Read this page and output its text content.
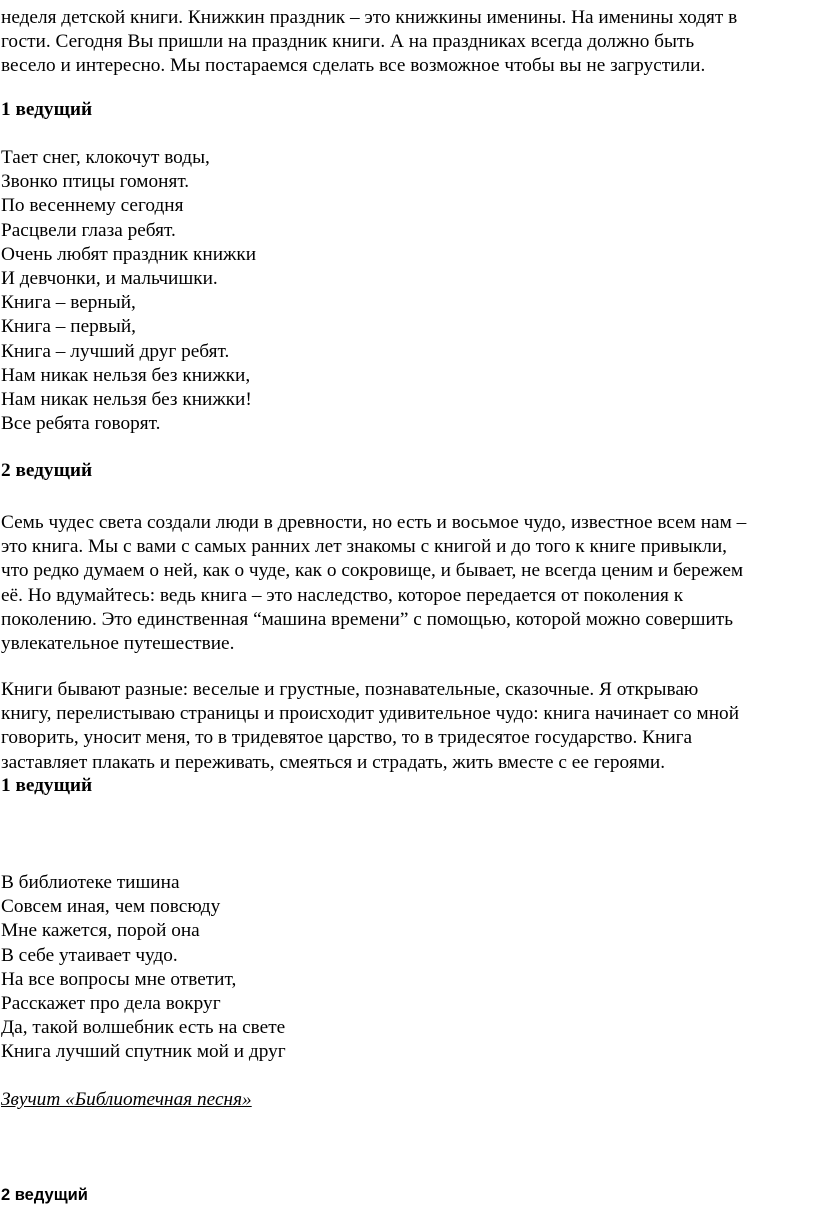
неделя детской книги. Книжкин праздник – это книжкины именины. На именины ходят в
гости. Сегодня Вы пришли на праздник книги. А на праздниках всегда должно быть
весело и интересно. Мы постараемся сделать все возможное чтобы вы не загрустили.
1 ведущий
Тает снег, клокочут воды,
Звонко птицы гомонят.
По весеннему сегодня
Расцвели глаза ребят.
Очень любят праздник книжки
И девчонки, и мальчишки.
Книга – верный,
Книга – первый,
Книга – лучший друг ребят.
Нам никак нельзя без книжки,
Нам никак нельзя без книжки!
Все ребята говорят.
2 ведущий
Семь чудес света создали люди в древности, но есть и восьмое чудо, известное всем нам –
это книга. Мы с вами с самых ранних лет знакомы с книгой и до того к книге привыкли,
что редко думаем о ней, как о чуде, как о сокровище, и бывает, не всегда ценим и бережем
её. Но вдумайтесь: ведь книга – это наследство, которое передается от поколения к
поколению. Это единственная “машина времени” с помощью, которой можно совершить
увлекательное путешествие.
Книги бывают разные: веселые и грустные, познавательные, сказочные. Я открываю
книгу, перелистываю страницы и происходит удивительное чудо: книга начинает со мной
говорить, уносит меня, то в тридевятое царство, то в тридесятое государство. Книга
заставляет плакать и переживать, смеяться и страдать, жить вместе с ее героями.
1 ведущий
В библиотеке тишина
Совсем иная, чем повсюду
Мне кажется, порой она
В себе утаивает чудо.
На все вопросы мне ответит,
Расскажет про дела вокруг
Да, такой волшебник есть на свете
Книга лучший спутник мой и друг
Звучит «Библиотечная песня»
2 ведущий
